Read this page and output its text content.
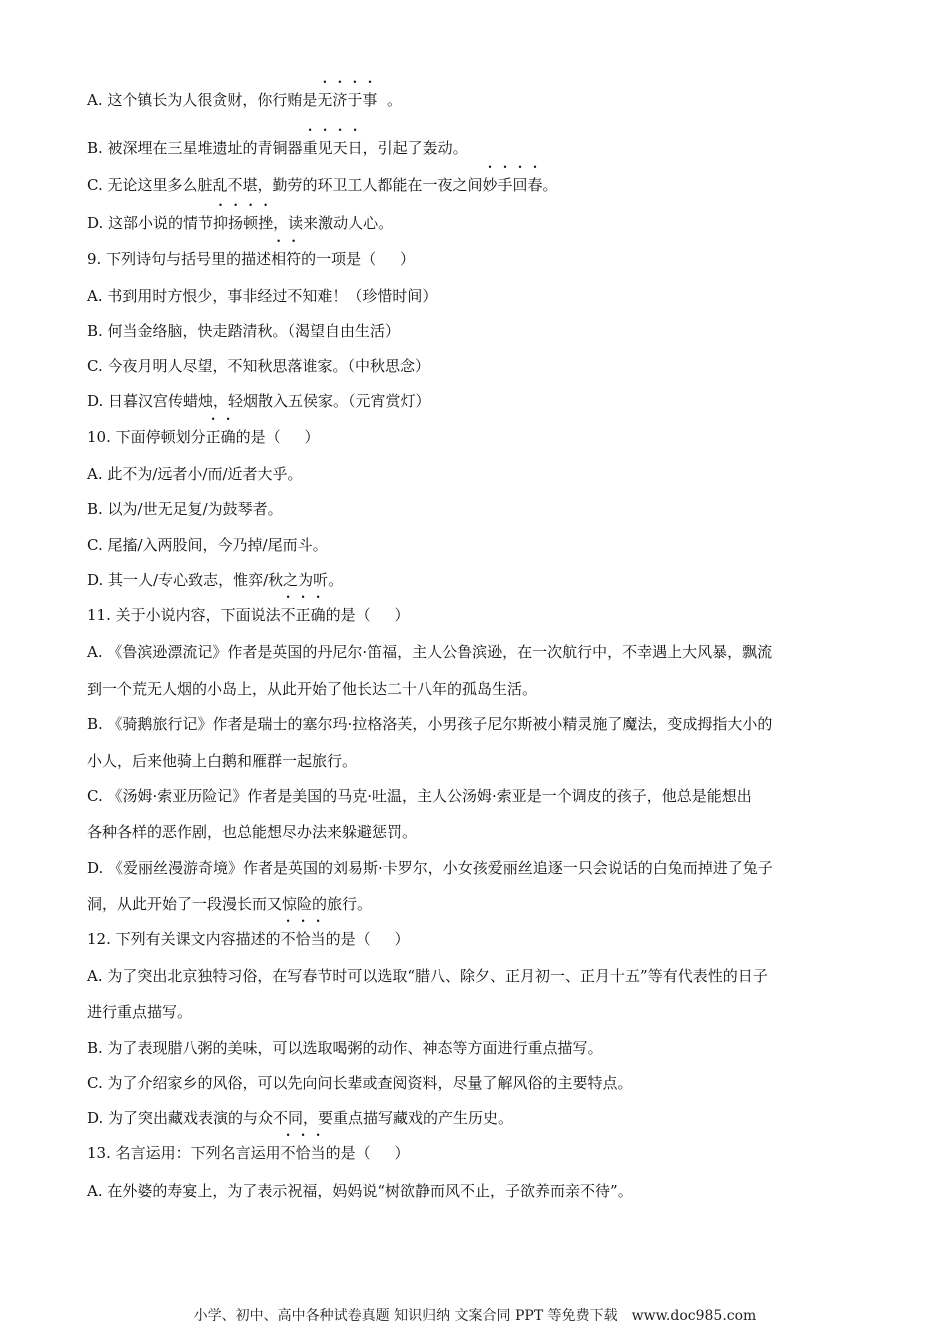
A. 这个镇长为人很贪财，你行贿是无济于事  。
B. 被深埋在三星堆遗址的青铜器重见天日，引起了轰动。
C. 无论这里多么脏乱不堪，勤劳的环卫工人都能在一夜之间妙手回春。
D. 这部小说的情节抑扬顿挫，读来激动人心。
9. 下列诗句与括号里的描述相符的一项是（     ）
A. 书到用时方恨少，事非经过不知难！（珍惜时间）
B. 何当金络脑，快走踏清秋。（渴望自由生活）
C. 今夜月明人尽望，不知秋思落谁家。（中秋思念）
D. 日暮汉宫传蜡烛，轻烟散入五侯家。（元宵赏灯）
10. 下面停顿划分正确的是（     ）
A. 此不为/远者小/而/近者大乎。
B. 以为/世无足复/为鼓琴者。
C. 尾搐/入两股间，今乃掉/尾而斗。
D. 其一人/专心致志，惟弈/秋之为听。
11. 关于小说内容，下面说法不正确的是（     ）
A. 《鲁滨逊漂流记》作者是英国的丹尼尔·笛福，主人公鲁滨逊，在一次航行中，不幸遇上大风暴，飘流
到一个荒无人烟的小岛上，从此开始了他长达二十八年的孤岛生活。
B. 《骑鹅旅行记》作者是瑞士的塞尔玛·拉格洛芙，小男孩子尼尔斯被小精灵施了魔法，变成拇指大小的
小人，后来他骑上白鹅和雁群一起旅行。
C. 《汤姆·索亚历险记》作者是美国的马克·吐温，主人公汤姆·索亚是一个调皮的孩子，他总是能想出
各种各样的恶作剧，也总能想尽办法来躲避惩罚。
D. 《爱丽丝漫游奇境》作者是英国的刘易斯·卡罗尔，小女孩爱丽丝追逐一只会说话的白兔而掉进了兔子
洞，从此开始了一段漫长而又惊险的旅行。
12. 下列有关课文内容描述的不恰当的是（     ）
A. 为了突出北京独特习俗，在写春节时可以选取“腊八、除夕、正月初一、正月十五”等有代表性的日子
进行重点描写。
B. 为了表现腊八粥的美味，可以选取喝粥的动作、神态等方面进行重点描写。
C. 为了介绍家乡的风俗，可以先向问长辈或查阅资料，尽量了解风俗的主要特点。
D. 为了突出藏戏表演的与众不同，要重点描写藏戏的产生历史。
13. 名言运用：下列名言运用不恰当的是（     ）
A. 在外婆的寿宴上，为了表示祝福，妈妈说“树欲静而风不止，子欲养而亲不待”。
小学、初中、高中各种试卷真题 知识归纳 文案合同 PPT 等免费下载 www.doc985.com
